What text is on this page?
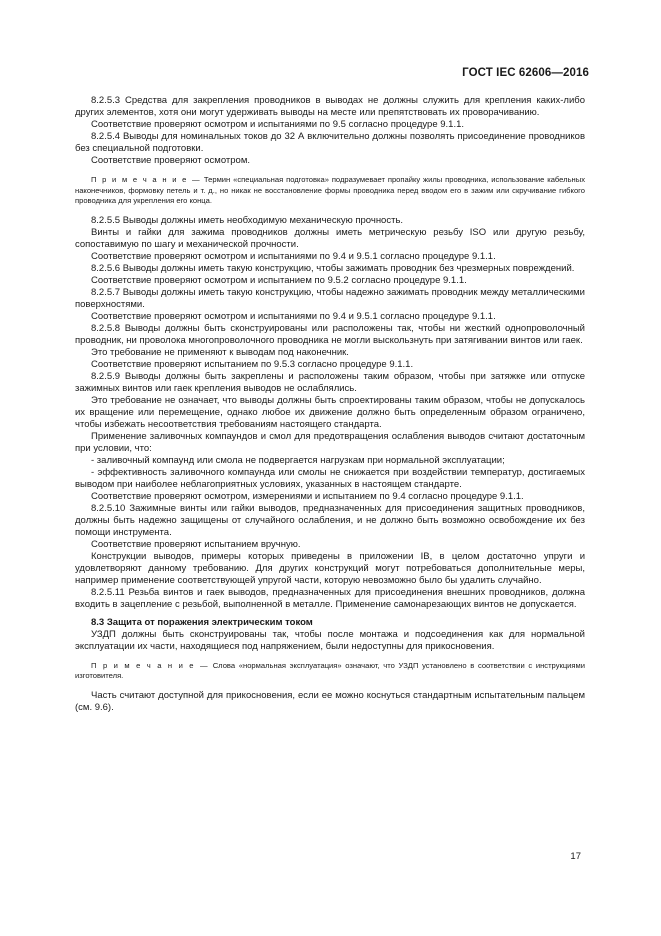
ГОСТ IEC 62606—2016

8.2.5.3 Средства для закрепления проводников в выводах не должны служить для крепления каких-либо других элементов, хотя они могут удерживать выводы на месте или препятствовать их проворачиванию.

Соответствие проверяют осмотром и испытаниями по 9.5 согласно процедуре 9.1.1.

8.2.5.4 Выводы для номинальных токов до 32 А включительно должны позволять присоединение проводников без специальной подготовки.

Соответствие проверяют осмотром.

П р и м е ч а н и е — Термин «специальная подготовка» подразумевает пропайку жилы проводника, использование кабельных наконечников, формовку петель и т. д., но никак не восстановление формы проводника перед вводом его в зажим или скручивание гибкого проводника для укрепления его конца.

8.2.5.5 Выводы должны иметь необходимую механическую прочность.

Винты и гайки для зажима проводников должны иметь метрическую резьбу ISO или другую резьбу, сопоставимую по шагу и механической прочности.

Соответствие проверяют осмотром и испытаниями по 9.4 и 9.5.1 согласно процедуре 9.1.1.

8.2.5.6 Выводы должны иметь такую конструкцию, чтобы зажимать проводник без чрезмерных повреждений.

Соответствие проверяют осмотром и испытанием по 9.5.2 согласно процедуре 9.1.1.

8.2.5.7 Выводы должны иметь такую конструкцию, чтобы надежно зажимать проводник между металлическими поверхностями.

Соответствие проверяют осмотром и испытаниями по 9.4 и 9.5.1 согласно процедуре 9.1.1.

8.2.5.8 Выводы должны быть сконструированы или расположены так, чтобы ни жесткий однопроволочный проводник, ни проволока многопроволочного проводника не могли выскользнуть при затягивании винтов или гаек.

Это требование не применяют к выводам под наконечник.

Соответствие проверяют испытанием по 9.5.3 согласно процедуре 9.1.1.

8.2.5.9 Выводы должны быть закреплены и расположены таким образом, чтобы при затяжке или отпуске зажимных винтов или гаек крепления выводов не ослаблялись.

Это требование не означает, что выводы должны быть спроектированы таким образом, чтобы не допускалось их вращение или перемещение, однако любое их движение должно быть определенным образом ограничено, чтобы избежать несоответствия требованиям настоящего стандарта.

Применение заливочных компаундов и смол для предотвращения ослабления выводов считают достаточным при условии, что:

- заливочный компаунд или смола не подвергается нагрузкам при нормальной эксплуатации;

- эффективность заливочного компаунда или смолы не снижается при воздействии температур, достигаемых выводом при наиболее неблагоприятных условиях, указанных в настоящем стандарте.

Соответствие проверяют осмотром, измерениями и испытанием по 9.4 согласно процедуре 9.1.1.

8.2.5.10 Зажимные винты или гайки выводов, предназначенных для присоединения защитных проводников, должны быть надежно защищены от случайного ослабления, и не должно быть возможно освобождение их без помощи инструмента.

Соответствие проверяют испытанием вручную.

Конструкции выводов, примеры которых приведены в приложении IB, в целом достаточно упруги и удовлетворяют данному требованию. Для других конструкций могут потребоваться дополнительные меры, например применение соответствующей упругой части, которую невозможно было бы удалить случайно.

8.2.5.11 Резьба винтов и гаек выводов, предназначенных для присоединения внешних проводников, должна входить в зацепление с резьбой, выполненной в металле. Применение самонарезающих винтов не допускается.

8.3 Защита от поражения электрическим током

УЗДП должны быть сконструированы так, чтобы после монтажа и подсоединения как для нормальной эксплуатации их части, находящиеся под напряжением, были недоступны для прикосновения.

П р и м е ч а н и е — Слова «нормальная эксплуатация» означают, что УЗДП установлено в соответствии с инструкциями изготовителя.

Часть считают доступной для прикосновения, если ее можно коснуться стандартным испытательным пальцем (см. 9.6).

17
